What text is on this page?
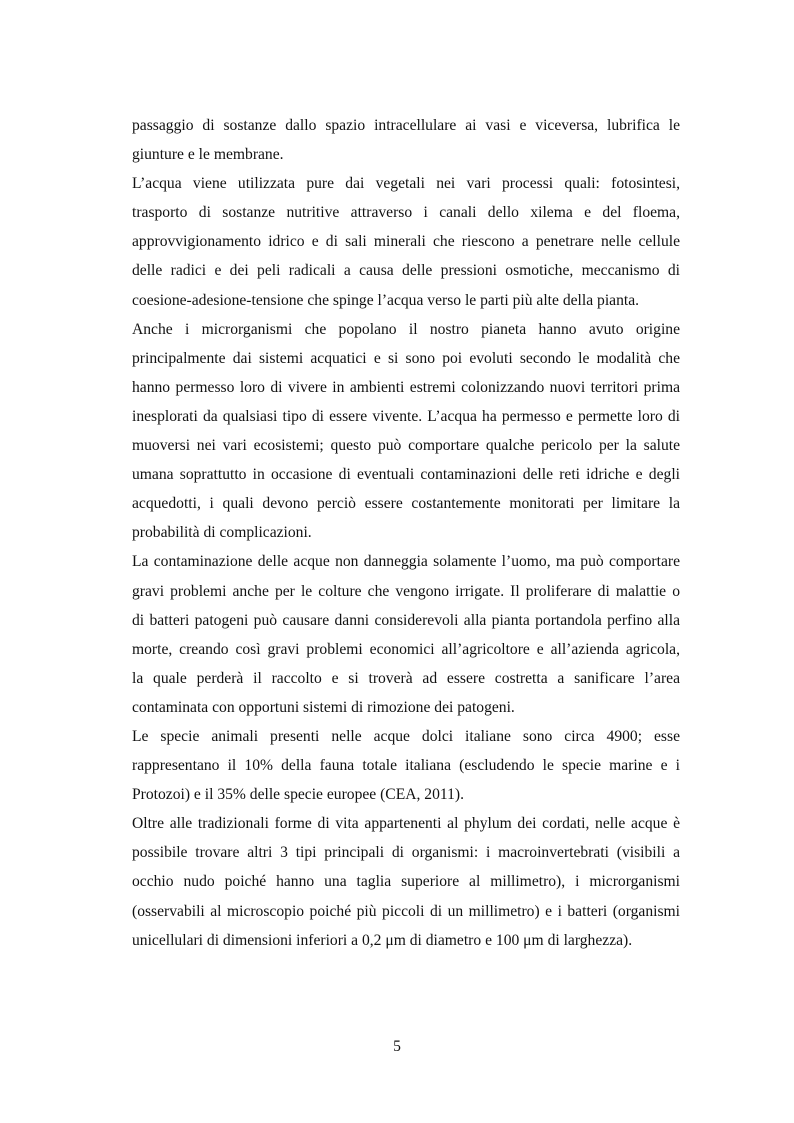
passaggio di sostanze dallo spazio intracellulare ai vasi e viceversa, lubrifica le
giunture e le membrane.
L’acqua viene utilizzata pure dai vegetali nei vari processi quali: fotosintesi,
trasporto di sostanze nutritive attraverso i canali dello xilema e del floema,
approvvigionamento idrico e di sali minerali che riescono a penetrare nelle cellule
delle radici e dei peli radicali a causa delle pressioni osmotiche, meccanismo di
coesione-adesione-tensione che spinge l’acqua verso le parti più alte della pianta.
Anche i microrganismi che popolano il nostro pianeta hanno avuto origine
principalmente dai sistemi acquatici e si sono poi evoluti secondo le modalità che
hanno permesso loro di vivere in ambienti estremi colonizzando nuovi territori prima
inesplorati da qualsiasi tipo di essere vivente. L’acqua ha permesso e permette loro di
muoversi nei vari ecosistemi; questo può comportare qualche pericolo per la salute
umana soprattutto in occasione di eventuali contaminazioni delle reti idriche e degli
acquedotti, i quali devono perciò essere costantemente monitorati per limitare la
probabilità di complicazioni.
La contaminazione delle acque non danneggia solamente l’uomo, ma può comportare
gravi problemi anche per le colture che vengono irrigate. Il proliferare di malattie o
di batteri patogeni può causare danni considerevoli alla pianta portandola perfino alla
morte, creando così gravi problemi economici all’agricoltore e all’azienda agricola,
la quale perderà il raccolto e si troverà ad essere costretta a sanificare l’area
contaminata con opportuni sistemi di rimozione dei patogeni.
Le specie animali presenti nelle acque dolci italiane sono circa 4900; esse
rappresentano il 10% della fauna totale italiana (escludendo le specie marine e i
Protozoi) e il 35% delle specie europee (CEA, 2011).
Oltre alle tradizionali forme di vita appartenenti al phylum dei cordati, nelle acque è
possibile trovare altri 3 tipi principali di organismi: i macroinvertebrati (visibili a
occhio nudo poiché hanno una taglia superiore al millimetro), i microrganismi
(osservabili al microscopio poiché più piccoli di un millimetro) e i batteri (organismi
unicellulari di dimensioni inferiori a 0,2 μm di diametro e 100 μm di larghezza).
5
